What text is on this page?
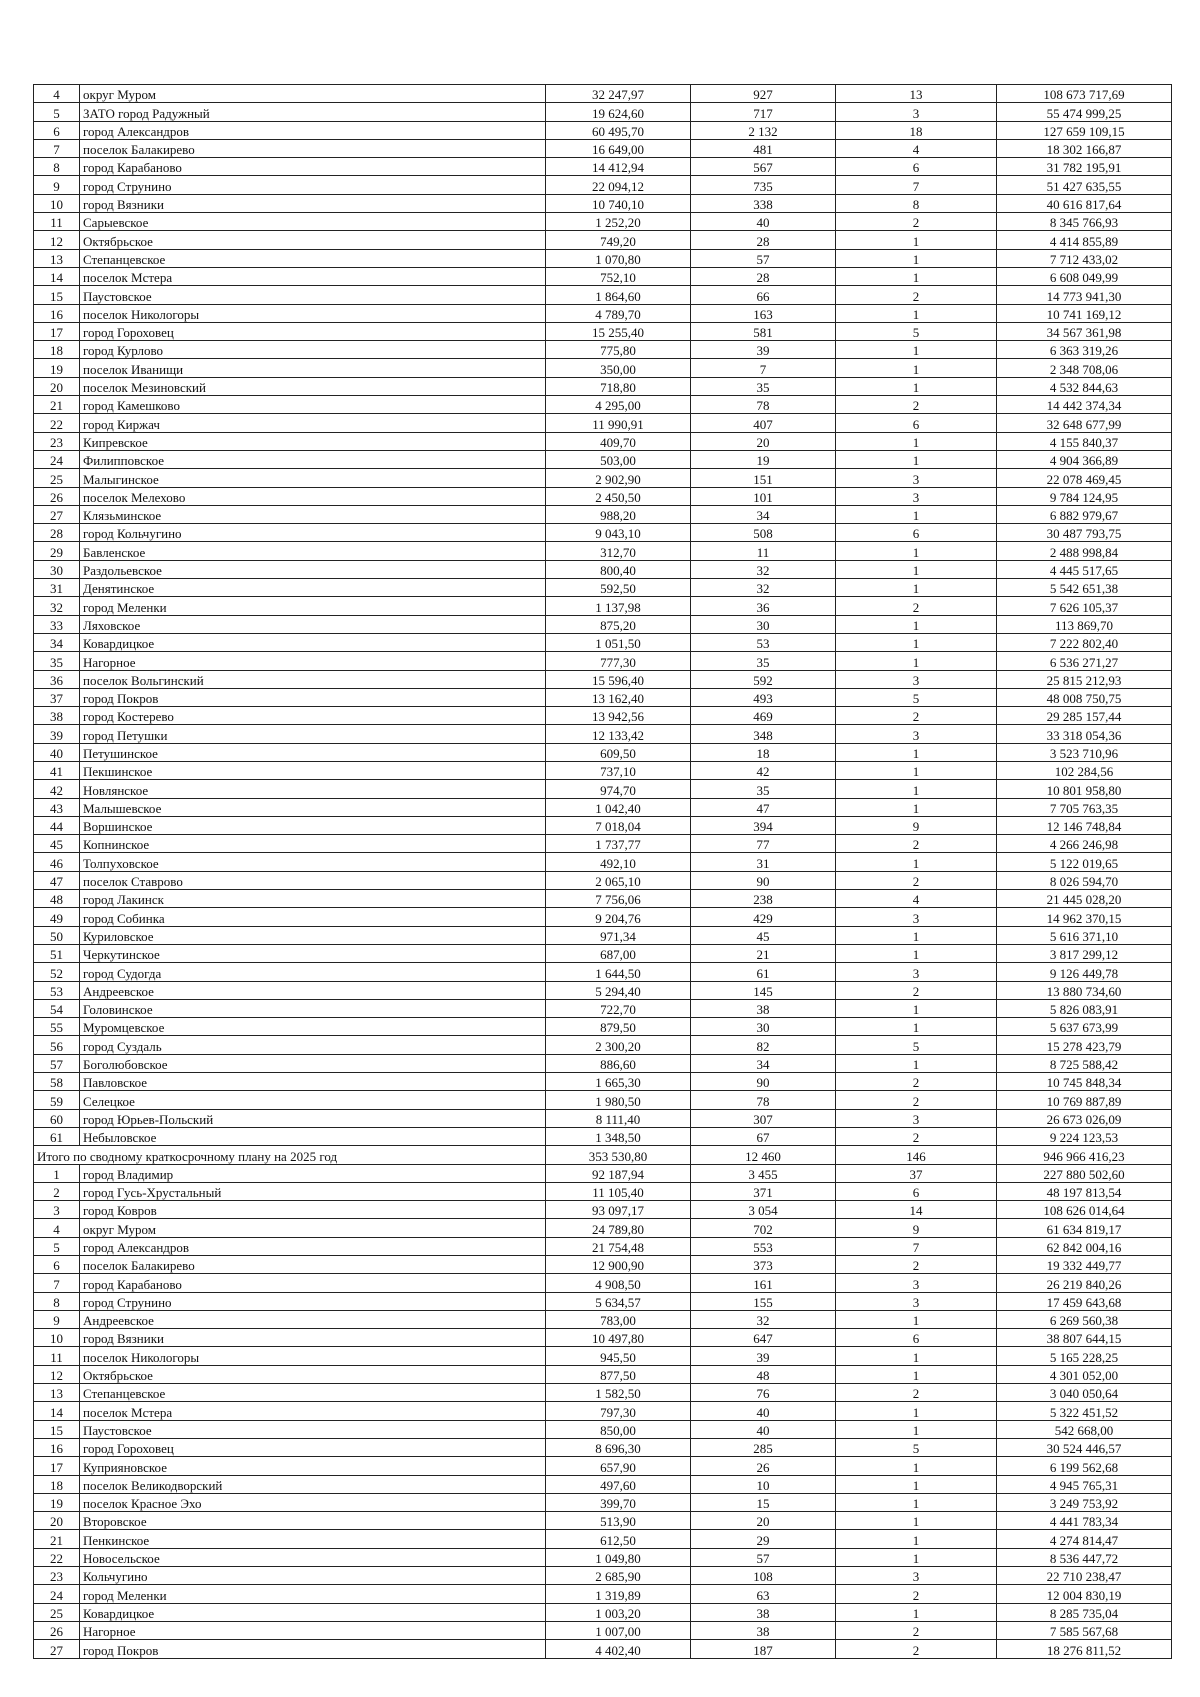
4	округ Муром	32 247,97	927	13	108 673 717,69
5	ЗАТО город Радужный	19 624,60	717	3	55 474 999,25
6	город Александров	60 495,70	2 132	18	127 659 109,15
7	поселок Балакирево	16 649,00	481	4	18 302 166,87
8	город Карабаново	14 412,94	567	6	31 782 195,91
9	город Струнино	22 094,12	735	7	51 427 635,55
10	город Вязники	10 740,10	338	8	40 616 817,64
11	Сарыевское	1 252,20	40	2	8 345 766,93
12	Октябрьское	749,20	28	1	4 414 855,89
13	Степанцевское	1 070,80	57	1	7 712 433,02
14	поселок Мстера	752,10	28	1	6 608 049,99
15	Паустовское	1 864,60	66	2	14 773 941,30
16	поселок Никологоры	4 789,70	163	1	10 741 169,12
17	город Гороховец	15 255,40	581	5	34 567 361,98
18	город Курлово	775,80	39	1	6 363 319,26
19	поселок Иванищи	350,00	7	1	2 348 708,06
20	поселок Мезиновский	718,80	35	1	4 532 844,63
21	город Камешково	4 295,00	78	2	14 442 374,34
22	город Киржач	11 990,91	407	6	32 648 677,99
23	Кипревское	409,70	20	1	4 155 840,37
24	Филипповское	503,00	19	1	4 904 366,89
25	Малыгинское	2 902,90	151	3	22 078 469,45
26	поселок Мелехово	2 450,50	101	3	9 784 124,95
27	Клязьминское	988,20	34	1	6 882 979,67
28	город Кольчугино	9 043,10	508	6	30 487 793,75
29	Бавленское	312,70	11	1	2 488 998,84
30	Раздольевское	800,40	32	1	4 445 517,65
31	Денятинское	592,50	32	1	5 542 651,38
32	город Меленки	1 137,98	36	2	7 626 105,37
33	Ляховское	875,20	30	1	113 869,70
34	Ковардицкое	1 051,50	53	1	7 222 802,40
35	Нагорное	777,30	35	1	6 536 271,27
36	поселок Вольгинский	15 596,40	592	3	25 815 212,93
37	город Покров	13 162,40	493	5	48 008 750,75
38	город Костерево	13 942,56	469	2	29 285 157,44
39	город Петушки	12 133,42	348	3	33 318 054,36
40	Петушинское	609,50	18	1	3 523 710,96
41	Пекшинское	737,10	42	1	102 284,56
42	Новлянское	974,70	35	1	10 801 958,80
43	Малышевское	1 042,40	47	1	7 705 763,35
44	Воршинское	7 018,04	394	9	12 146 748,84
45	Копнинское	1 737,77	77	2	4 266 246,98
46	Толпуховское	492,10	31	1	5 122 019,65
47	поселок Ставрово	2 065,10	90	2	8 026 594,70
48	город Лакинск	7 756,06	238	4	21 445 028,20
49	город Собинка	9 204,76	429	3	14 962 370,15
50	Куриловское	971,34	45	1	5 616 371,10
51	Черкутинское	687,00	21	1	3 817 299,12
52	город Судогда	1 644,50	61	3	9 126 449,78
53	Андреевское	5 294,40	145	2	13 880 734,60
54	Головинское	722,70	38	1	5 826 083,91
55	Муромцевское	879,50	30	1	5 637 673,99
56	город Суздаль	2 300,20	82	5	15 278 423,79
57	Боголюбовское	886,60	34	1	8 725 588,42
58	Павловское	1 665,30	90	2	10 745 848,34
59	Селецкое	1 980,50	78	2	10 769 887,89
60	город Юрьев-Польский	8 111,40	307	3	26 673 026,09
61	Небыловское	1 348,50	67	2	9 224 123,53
Итого по сводному краткосрочному плану на 2025 год		353 530,80	12 460	146	946 966 416,23
1	город Владимир	92 187,94	3 455	37	227 880 502,60
2	город Гусь-Хрустальный	11 105,40	371	6	48 197 813,54
3	город Ковров	93 097,17	3 054	14	108 626 014,64
4	округ Муром	24 789,80	702	9	61 634 819,17
5	город Александров	21 754,48	553	7	62 842 004,16
6	поселок Балакирево	12 900,90	373	2	19 332 449,77
7	город Карабаново	4 908,50	161	3	26 219 840,26
8	город Струнино	5 634,57	155	3	17 459 643,68
9	Андреевское	783,00	32	1	6 269 560,38
10	город Вязники	10 497,80	647	6	38 807 644,15
11	поселок Никологоры	945,50	39	1	5 165 228,25
12	Октябрьское	877,50	48	1	4 301 052,00
13	Степанцевское	1 582,50	76	2	3 040 050,64
14	поселок Мстера	797,30	40	1	5 322 451,52
15	Паустовское	850,00	40	1	542 668,00
16	город Гороховец	8 696,30	285	5	30 524 446,57
17	Куприяновское	657,90	26	1	6 199 562,68
18	поселок Великодворский	497,60	10	1	4 945 765,31
19	поселок Красное Эхо	399,70	15	1	3 249 753,92
20	Второвское	513,90	20	1	4 441 783,34
21	Пенкинское	612,50	29	1	4 274 814,47
22	Новосельское	1 049,80	57	1	8 536 447,72
23	Кольчугино	2 685,90	108	3	22 710 238,47
24	город Меленки	1 319,89	63	2	12 004 830,19
25	Ковардицкое	1 003,20	38	1	8 285 735,04
26	Нагорное	1 007,00	38	2	7 585 567,68
27	город Покров	4 402,40	187	2	18 276 811,52
